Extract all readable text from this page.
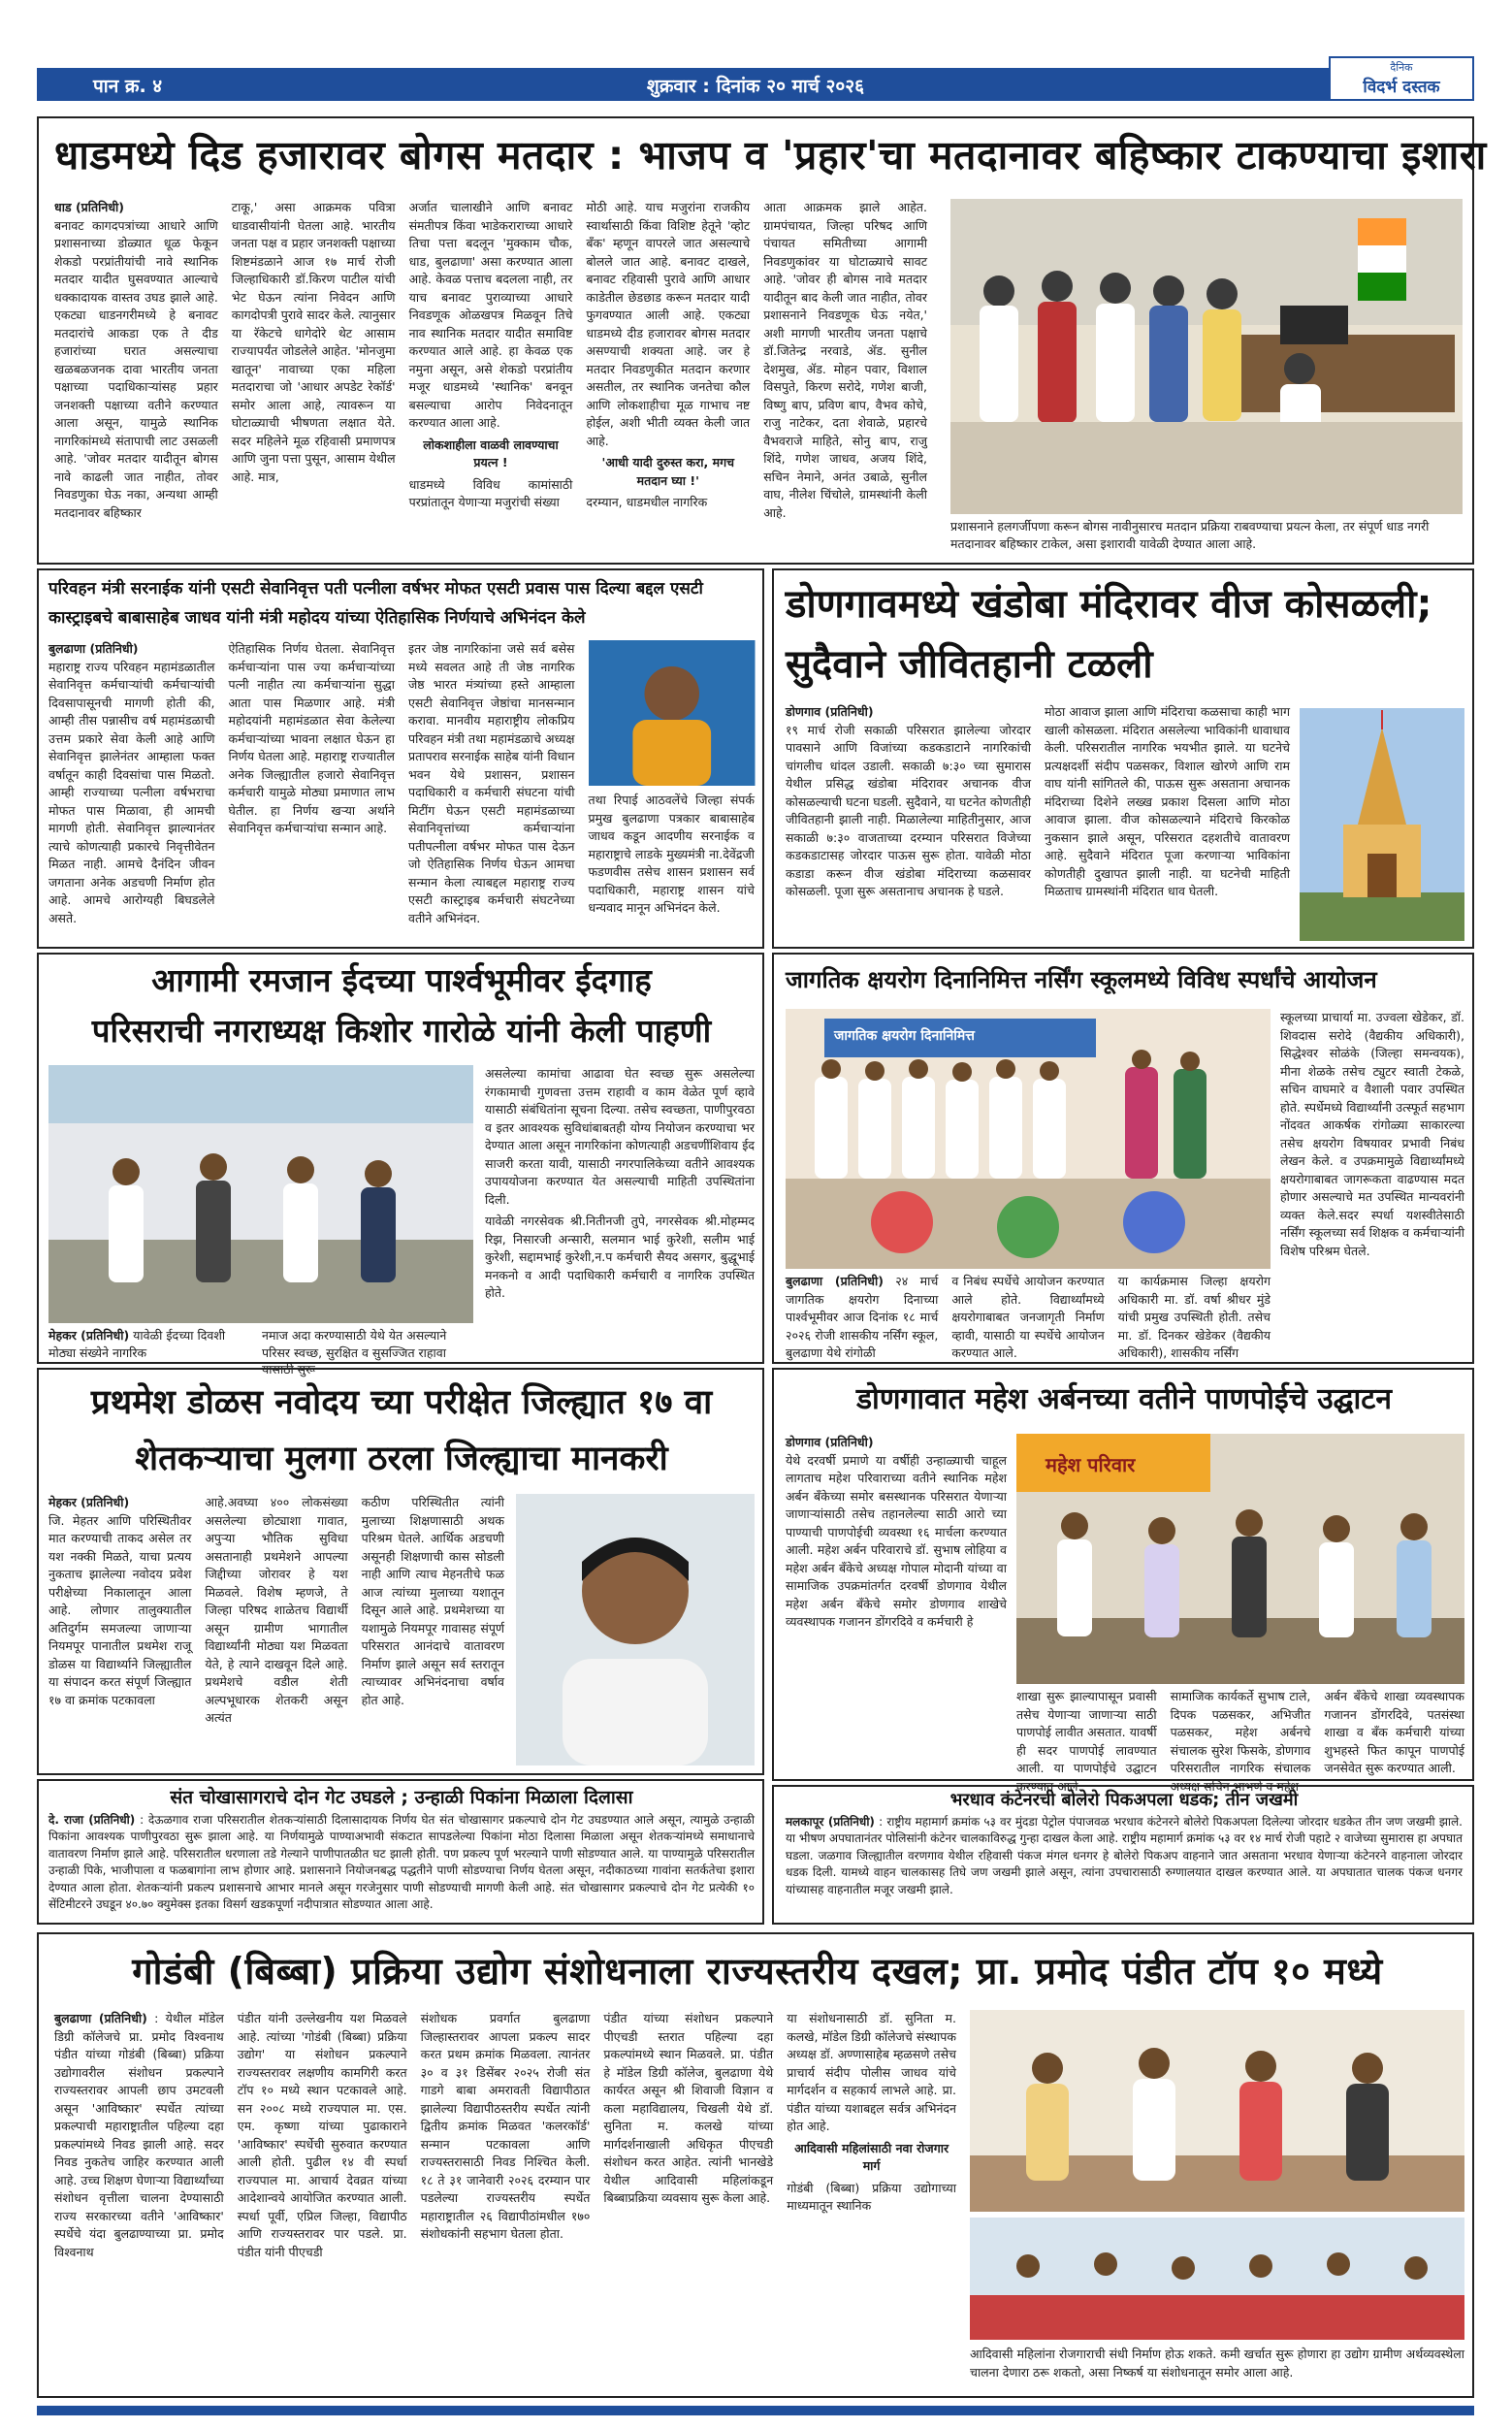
पान क्र. ४	शुक्रवार : दिनांक २० मार्च २०२६
दैनिक
विदर्भ दस्तक
धाडमध्ये दिड हजारावर बोगस मतदार : भाजप व 'प्रहार'चा मतदानावर बहिष्कार टाकण्याचा इशारा
धाड (प्रतिनिधी)

बनावट कागदपत्रांच्या आधारे आणि प्रशासनाच्या डोळ्यात धूळ फेकून शेकडो परप्रांतीयांची नावे स्थानिक मतदार यादीत घुसवण्यात आल्याचे धक्कादायक वास्तव उघड झाले आहे. एकट्या धाडनगरीमध्ये हे बनावट मतदारांचे आकडा एक ते दीड हजारांच्या घरात असल्याचा खळबळजनक दावा भारतीय जनता पक्षाच्या पदाधिकाऱ्यांसह प्रहार जनशक्ती पक्षाच्या वतीने करण्यात आला असून, यामुळे स्थानिक नागरिकांमध्ये संतापाची लाट उसळली आहे. 'जोवर मतदार यादीतून बोगस नावे काढली जात नाहीत, तोवर निवडणुका घेऊ नका, अन्यथा आम्ही मतदानावर बहिष्कार

टाकू,' असा आक्रमक पवित्रा धाडवासीयांनी घेतला आहे. भारतीय जनता पक्ष व प्रहार जनशक्ती पक्षाच्या शिष्टमंडळाने आज १७ मार्च रोजी जिल्हाधिकारी डॉ.किरण पाटील यांची भेट घेऊन त्यांना निवेदन आणि कागदोपत्री पुरावे सादर केले. त्यानुसार या रॅकेटचे धागेदोरे थेट आसाम राज्यापर्यंत जोडलेले आहेत. 'मोनजुमा खातून' नावाच्या एका महिला मतदाराचा जो 'आधार अपडेट रेकॉर्ड' समोर आला आहे, त्यावरून या घोटाळ्याची भीषणता लक्षात येते. सदर महिलेने मूळ रहिवासी प्रमाणपत्र आणि जुना पत्ता पुसून, आसाम येथील आहे. मात्र,

अर्जात चालाखीने आणि बनावट संमतीपत्र किंवा भाडेकराराच्या आधारे तिचा पत्ता बदलून 'मुक्काम चौक, धाड, बुलढाणा' असा करण्यात आला आहे. केवळ पत्ताच बदलला नाही, तर याच बनावट पुराव्याच्या आधारे निवडणूक ओळखपत्र मिळवून तिचे नाव स्थानिक मतदार यादीत समाविष्ट करण्यात आले आहे. हा केवळ एक नमुना असून, असे शेकडो परप्रांतीय मजूर धाडमध्ये 'स्थानिक' बनवून बसल्याचा आरोप निवेदनातून करण्यात आला आहे.

लोकशाहीला वाळवी लावण्याचा प्रयत्न !

धाडमध्ये विविध कामांसाठी परप्रांतातून येणाऱ्या मजुरांची संख्या

मोठी आहे. याच मजुरांना राजकीय स्वार्थासाठी किंवा विशिष्ट हेतूने 'व्होट बँक' म्हणून वापरले जात असल्याचे बोलले जात आहे. बनावट दाखले, बनावट रहिवासी पुरावे आणि आधार काडेतील छेडछाड करून मतदार यादी फुगवण्यात आली आहे. एकट्या धाडमध्ये दीड हजारावर बोगस मतदार असण्याची शक्यता आहे. जर हे मतदार निवडणुकीत मतदान करणार असतील, तर स्थानिक जनतेचा कौल आणि लोकशाहीचा मूळ गाभाच नष्ट होईल, अशी भीती व्यक्त केली जात आहे.

'आधी यादी दुरुस्त करा, मगच मतदान घ्या !'

दरम्यान, धाडमधील नागरिक

आता आक्रमक झाले आहेत. ग्रामपंचायत, जिल्हा परिषद आणि पंचायत समितीच्या आगामी निवडणुकांवर या घोटाळ्याचे सावट आहे. 'जोवर ही बोगस नावे मतदार यादीतून बाद केली जात नाहीत, तोवर प्रशासनाने निवडणूक घेऊ नयेत,' अशी मागणी भारतीय जनता पक्षाचे डॉ.जितेन्द्र नरवाडे, ॲड. सुनील देशमुख, ॲड. मोहन पवार, विशाल विसपुते, किरण सरोदे, गणेश बाजी, विष्णु बाप, प्रविण बाप, वैभव कोचे, राजु नाटेकर, दता शेवाळे, प्रहारचे वैभवराजे माहिते, सोनु बाप, राजु शिंदे, गणेश जाधव, अजय शिंदे, सचिन नेमाने, अनंत उबाळे, सुनील वाघ, नीलेश चिंचोले, ग्रामस्थांनी केली आहे.

प्रशासनाने हलगर्जीपणा करून बोगस नावीनुसारच मतदान प्रक्रिया राबवण्याचा प्रयत्न केला, तर संपूर्ण धाड नगरी मतदानावर बहिष्कार टाकेल, असा इशारावी यावेळी देण्यात आला आहे.
परिवहन मंत्री सरनाईक यांनी एसटी सेवानिवृत्त पती पत्नीला वर्षभर मोफत एसटी प्रवास पास दिल्या बद्दल एसटी कास्ट्राइबचे बाबासाहेब जाधव यांनी मंत्री महोदय यांच्या ऐतिहासिक निर्णयाचे अभिनंदन केले
बुलढाणा (प्रतिनिधी)

महाराष्ट्र राज्य परिवहन महामंडळातील सेवानिवृत्त कर्मचाऱ्यांची कर्मचाऱ्यांची दिवसापासूनची मागणी होती की, आम्ही तीस पन्नासीच वर्ष महामंडळाची उत्तम प्रकारे सेवा केली आहे आणि सेवानिवृत्त झालेनंतर आम्हाला फक्त वर्षातून काही दिवसांचा पास मिळतो. आम्ही राज्याच्या पत्नीला वर्षभराचा मोफत पास मिळावा, ही आमची मागणी होती. सेवानिवृत्त झाल्यानंतर त्याचे कोणत्याही प्रकारचे निवृत्तीवेतन मिळत नाही. आमचे दैनंदिन जीवन जगताना अनेक अडचणी निर्माण होत आहे. आमचे आरोग्यही बिघडलेले असते.

ऐतिहासिक निर्णय घेतला. सेवानिवृत्त कर्मचाऱ्यांना पास ज्या कर्मचाऱ्यांच्या पत्नी नाहीत त्या कर्मचाऱ्यांना सुद्धा आता पास मिळणार आहे. मंत्री महोदयांनी महामंडळात सेवा केलेल्या कर्मचाऱ्यांच्या भावना लक्षात घेऊन हा निर्णय घेतला आहे. महाराष्ट्र राज्यातील अनेक जिल्ह्यातील हजारो सेवानिवृत्त कर्मचारी यामुळे मोठ्या प्रमाणात लाभ घेतील. हा निर्णय खऱ्या अर्थाने सेवानिवृत्त कर्मचाऱ्यांचा सन्मान आहे.

इतर जेष्ठ नागरिकांना जसे सर्व बसेस मध्ये सवलत आहे ती जेष्ठ नागरिक जेष्ठ भारत मंत्र्यांच्या हस्ते आम्हाला एसटी सेवानिवृत्त जेष्ठांचा मानसन्मान करावा. मानवीय महाराष्ट्रीय लोकप्रिय परिवहन मंत्री तथा महामंडळाचे अध्यक्ष प्रतापराव सरनाईक साहेब यांनी विधान भवन येथे प्रशासन, प्रशासन पदाधिकारी व कर्मचारी संघटना यांची मिटींग घेऊन एसटी महामंडळाच्या सेवानिवृत्तांच्या कर्मचाऱ्यांना पतीपत्नीला वर्षभर मोफत पास देऊन जो ऐतिहासिक निर्णय घेऊन आमचा सन्मान केला त्याबद्दल महाराष्ट्र राज्य एसटी कास्ट्राइब कर्मचारी संघटनेच्या वतीने अभिनंदन.

तथा रिपाई आठवलेंचे जिल्हा संपर्क प्रमुख बुलढाणा पत्रकार बाबासाहेब जाधव कडून आदणीय सरनाईक व महाराष्ट्राचे लाडके मुख्यमंत्री ना.देवेंद्रजी फडणवीस तसेच शासन प्रशासन सर्व पदाधिकारी, महाराष्ट्र शासन यांचे धन्यवाद मानून अभिनंदन केले.

डोणगावमध्ये खंडोबा मंदिरावर वीज कोसळली; सुदैवाने जीवितहानी टळली
डोणगाव (प्रतिनिधी)

१९ मार्च रोजी सकाळी परिसरात झालेल्या जोरदार पावसाने आणि विजांच्या कडकडाटाने नागरिकांची चांगलीच धांदल उडाली. सकाळी ७:३० च्या सुमारास येथील प्रसिद्ध खंडोबा मंदिरावर अचानक वीज कोसळल्याची घटना घडली. सुदैवाने, या घटनेत कोणतीही जीवितहानी झाली नाही. मिळालेल्या माहितीनुसार, आज सकाळी ७:३० वाजताच्या दरम्यान परिसरात विजेच्या कडकडाटासह जोरदार पाऊस सुरू होता. यावेळी मोठा कडाडा करून वीज खंडोबा मंदिराच्या कळसावर कोसळली. पूजा सुरू असतानाच अचानक हे घडले.

मोठा आवाज झाला आणि मंदिराचा कळसाचा काही भाग खाली कोसळला. मंदिरात असलेल्या भाविकांनी धावाधाव केली. परिसरातील नागरिक भयभीत झाले. या घटनेचे प्रत्यक्षदर्शी संदीप पळसकर, विशाल खोरणे आणि राम वाघ यांनी सांगितले की, पाऊस सुरू असताना अचानक मंदिराच्या दिशेने लख्ख प्रकाश दिसला आणि मोठा आवाज झाला. वीज कोसळल्याने मंदिराचे किरकोळ नुकसान झाले असून, परिसरात दहशतीचे वातावरण आहे. सुदैवाने मंदिरात पूजा करणाऱ्या भाविकांना कोणतीही दुखापत झाली नाही. या घटनेची माहिती मिळताच ग्रामस्थांनी मंदिरात धाव घेतली.

आगामी रमजान ईदच्या पार्श्वभूमीवर ईदगाह
परिसराची नगराध्यक्ष किशोर गारोळे यांनी केली पाहणी
मेहकर (प्रतिनिधी) यावेळी ईदच्या दिवशी मोठ्या संख्येने नागरिक
नमाज अदा करण्यासाठी येथे येत असल्याने परिसर स्वच्छ, सुरक्षित व सुसज्जित राहावा यासाठी सुरू

असलेल्या कामांचा आढावा घेत स्वच्छ सुरू असलेल्या रंगकामाची गुणवत्ता उत्तम राहावी व काम वेळेत पूर्ण व्हावे यासाठी संबंधितांना सूचना दिल्या. तसेच स्वच्छता, पाणीपुरवठा व इतर आवश्यक सुविधांबाबतही योग्य नियोजन करण्याचा भर देण्यात आला असून नागरिकांना कोणत्याही अडचणींशिवाय ईद साजरी करता यावी, यासाठी नगरपालिकेच्या वतीने आवश्यक उपाययोजना करण्यात येत असल्याची माहिती उपस्थितांना दिली.

यावेळी नगरसेवक श्री.नितीनजी तुपे, नगरसेवक श्री.मोहम्मद रिझ, निसारजी अन्सारी, सलमान भाई कुरेशी, सलीम भाई कुरेशी, सद्दामभाई कुरेशी,न.प कर्मचारी सैयद असगर, बुद्धूभाई मनकनो व आदी पदाधिकारी कर्मचारी व नागरिक उपस्थित होते.

जागतिक क्षयरोग दिनानिमित्त नर्सिंग स्कूलमध्ये विविध स्पर्धांचे आयोजन
जागतिक क्षयरोग दिनानिमित्त
बुलढाणा (प्रतिनिधी) २४ मार्च जागतिक क्षयरोग दिनाच्या पार्श्वभूमीवर आज दिनांक १८ मार्च २०२६ रोजी शासकीय नर्सिंग स्कूल, बुलढाणा येथे रांगोळी

व निबंध स्पर्धेचे आयोजन करण्यात आले होते. विद्यार्थ्यांमध्ये क्षयरोगाबाबत जनजागृती निर्माण व्हावी, यासाठी या स्पर्धेचे आयोजन करण्यात आले.

या कार्यक्रमास जिल्हा क्षयरोग अधिकारी मा. डॉ. वर्षा श्रीधर मुंडे यांची प्रमुख उपस्थिती होती. तसेच मा. डॉ. दिनकर खेडेकर (वैद्यकीय अधिकारी), शासकीय नर्सिंग

स्कूलच्या प्राचार्या मा. उज्वला खेडेकर, डॉ. शिवदास सरोदे (वैद्यकीय अधिकारी), सिद्धेश्वर सोळंके (जिल्हा समन्वयक), मीना शेळके तसेच ट्युटर स्वाती टेकळे, सचिन वाघमारे व वैशाली पवार उपस्थित होते. स्पर्धेमध्ये विद्यार्थ्यांनी उत्स्फूर्त सहभाग नोंदवत आकर्षक रांगोळ्या साकारल्या तसेच क्षयरोग विषयावर प्रभावी निबंध लेखन केले. व उपक्रमामुळे विद्यार्थ्यांमध्ये क्षयरोगाबाबत जागरूकता वाढण्यास मदत होणार असल्याचे मत उपस्थित मान्यवरांनी व्यक्त केले.सदर स्पर्धा यशस्वीतेसाठी नर्सिंग स्कूलच्या सर्व शिक्षक व कर्मचाऱ्यांनी विशेष परिश्रम घेतले.

प्रथमेश डोळस नवोदय च्या परीक्षेत जिल्ह्यात १७ वा
शेतकऱ्याचा मुलगा ठरला जिल्ह्याचा मानकरी
मेहकर (प्रतिनिधी)

जि. मेहतर आणि परिस्थितीवर मात करण्याची ताकद असेल तर यश नक्की मिळते, याचा प्रत्यय नुकताच झालेल्या नवोदय प्रवेश परीक्षेच्या निकालातून आला आहे. लोणार तालुक्यातील अतिदुर्गम समजल्या जाणाऱ्या नियमपूर पानातील प्रथमेश राजू डोळस या विद्यार्थ्याने जिल्ह्यातील या संपादन करत संपूर्ण जिल्ह्यात १७ वा क्रमांक पटकावला

आहे.अवघ्या ४०० लोकसंख्या असलेल्या छोट्याशा गावात, अपुऱ्या भौतिक सुविधा असतानाही प्रथमेशने आपल्या जिद्दीच्या जोरावर हे यश मिळवले. विशेष म्हणजे, ते जिल्हा परिषद शाळेतच विद्यार्थी असून ग्रामीण भागातील विद्यार्थ्यांनी मोठ्या यश मिळवता येते, हे त्याने दाखवून दिले आहे. प्रथमेशचे वडील शेती अल्पभूधारक शेतकरी असून अत्यंत

कठीण परिस्थितीत त्यांनी मुलाच्या शिक्षणासाठी अथक परिश्रम घेतले. आर्थिक अडचणी असूनही शिक्षणाची कास सोडली नाही आणि त्याच मेहनतीचे फळ आज त्यांच्या मुलाच्या यशातून दिसून आले आहे. प्रथमेशच्या या यशामुळे नियमपूर गावासह संपूर्ण परिसरात आनंदाचे वातावरण निर्माण झाले असून सर्व स्तरातून त्याच्यावर अभिनंदनाचा वर्षाव होत आहे.

संत चोखासागराचे दोन गेट उघडले ; उन्हाळी पिकांना मिळाला दिलासा
दे. राजा (प्रतिनिधी) : देऊळगाव राजा परिसरातील शेतकऱ्यांसाठी दिलासादायक निर्णय घेत संत चोखासागर प्रकल्पाचे दोन गेट उघडण्यात आले असून, त्यामुळे उन्हाळी पिकांना आवश्यक पाणीपुरवठा सुरू झाला आहे. या निर्णयामुळे पाण्याअभावी संकटात सापडलेल्या पिकांना मोठा दिलासा मिळाला असून शेतकऱ्यांमध्ये समाधानाचे वातावरण निर्माण झाले आहे. परिसरातील धरणाला तडे गेल्याने पाणीपातळीत घट झाली होती. पण प्रकल्प पूर्ण भरल्याने पाणी सोडण्यात आले. या पाण्यामुळे परिसरातील उन्हाळी पिके, भाजीपाला व फळबागांना लाभ होणार आहे. प्रशासनाने नियोजनबद्ध पद्धतीने पाणी सोडण्याचा निर्णय घेतला असून, नदीकाठच्या गावांना सतर्कतेचा इशारा देण्यात आला होता. शेतकऱ्यांनी प्रकल्प प्रशासनाचे आभार मानले असून गरजेनुसार पाणी सोडण्याची मागणी केली आहे. संत चोखासागर प्रकल्पाचे दोन गेट प्रत्येकी १० सेंटिमीटरने उघडून ४०.७० क्युमेक्स इतका विसर्ग खडकपूर्णा नदीपात्रात सोडण्यात आला आहे.
डोणगावात महेश अर्बनच्या वतीने पाणपोईचे उद्घाटन
डोणगाव (प्रतिनिधी)

येथे दरवर्षी प्रमाणे या वर्षीही उन्हाळ्याची चाहूल लागताच महेश परिवाराच्या वतीने स्थानिक महेश अर्बन बँकेच्या समोर बसस्थानक परिसरात येणाऱ्या जाणाऱ्यांसाठी तसेच तहानलेल्या साठी आरो च्या पाण्याची पाणपोईची व्यवस्था १६ मार्चला करण्यात आली. महेश अर्बन परिवाराचे डॉ. सुभाष लोहिया व महेश अर्बन बँकेचे अध्यक्ष गोपाल मोदानी यांच्या वा सामाजिक उपक्रमांतर्गत दरवर्षी डोणगाव येथील महेश अर्बन बँकेचे समोर डोणगाव शाखेचे व्यवस्थापक गजानन डोंगरदिवे व कर्मचारी हे

महेश परिवार

शाखा सुरू झाल्यापासून प्रवासी तसेच येणाऱ्या जाणाऱ्या साठी पाणपोई लावीत असतात. यावर्षी ही सदर पाणपोई लावण्यात आली. या पाणपोईचे उद्घाटन करण्यात आले.

सामाजिक कार्यकर्ते सुभाष टाले, दिपक पळसकर, अभिजीत पळसकर, महेश अर्बनचे संचालक सुरेश फिसके, डोणगाव परिसरातील नागरिक संचालक अध्यक्ष सचिन भाभणे व महेश

अर्बन बँकेचे शाखा व्यवस्थापक गजानन डोंगरदिवे, पतसंस्था शाखा व बँक कर्मचारी यांच्या शुभहस्ते फित कापून पाणपोई जनसेवेत सुरू करण्यात आली.

भरधाव कंटेनरची बोलेरो पिकअपला धडक; तीन जखमी
मलकापूर (प्रतिनिधी) : राष्ट्रीय महामार्ग क्रमांक ५३ वर मुंदडा पेट्रोल पंपाजवळ भरधाव कंटेनरने बोलेरो पिकअपला दिलेल्या जोरदार धडकेत तीन जण जखमी झाले. या भीषण अपघातानंतर पोलिसांनी कंटेनर चालकाविरुद्ध गुन्हा दाखल केला आहे. राष्ट्रीय महामार्ग क्रमांक ५३ वर १४ मार्च रोजी पहाटे २ वाजेच्या सुमारास हा अपघात घडला. जळगाव जिल्ह्यातील वरणगाव येथील रहिवासी पंकज मंगल धनगर हे बोलेरो पिकअप वाहनाने जात असताना भरधाव येणाऱ्या कंटेनरने वाहनाला जोरदार धडक दिली. यामध्ये वाहन चालकासह तिघे जण जखमी झाले असून, त्यांना उपचारासाठी रुग्णालयात दाखल करण्यात आले. या अपघातात चालक पंकज धनगर यांच्यासह वाहनातील मजूर जखमी झाले.
गोडंबी (बिब्बा) प्रक्रिया उद्योग संशोधनाला राज्यस्तरीय दखल; प्रा. प्रमोद पंडीत टॉप १० मध्ये
बुलढाणा (प्रतिनिधी) : येथील मॉडेल डिग्री कॉलेजचे प्रा. प्रमोद विश्वनाथ पंडीत यांच्या गोडंबी (बिब्बा) प्रक्रिया उद्योगावरील संशोधन प्रकल्पाने राज्यस्तरावर आपली छाप उमटवली असून 'आविष्कार' स्पर्धेत त्यांच्या प्रकल्पाची महाराष्ट्रातील पहिल्या दहा प्रकल्पांमध्ये निवड झाली आहे. सदर निवड नुकतेच जाहिर करण्यात आली आहे. उच्च शिक्षण घेणाऱ्या विद्यार्थ्यांच्या संशोधन वृत्तीला चालना देण्यासाठी राज्य सरकारच्या वतीने 'आविष्कार' स्पर्धेचे यंदा बुलढाण्याच्या प्रा. प्रमोद विश्वनाथ

पंडीत यांनी उल्लेखनीय यश मिळवले आहे. त्यांच्या 'गोडंबी (बिब्बा) प्रक्रिया उद्योग' या संशोधन प्रकल्पाने राज्यस्तरावर लक्षणीय कामगिरी करत टॉप १० मध्ये स्थान पटकावले आहे. सन २००८ मध्ये राज्यपाल मा. एस. एम. कृष्णा यांच्या पुढाकाराने 'आविष्कार' स्पर्धेची सुरुवात करण्यात आली होती. पुढील १४ वी स्पर्धा राज्यपाल मा. आचार्य देवव्रत यांच्या आदेशान्वये आयोजित करण्यात आली. स्पर्धा पूर्वी, एप्रिल जिल्हा, विद्यापीठ आणि राज्यस्तरावर पार पडले. प्रा. पंडीत यांनी पीएचडी

संशोधक प्रवर्गात बुलढाणा जिल्हास्तरावर आपला प्रकल्प सादर करत प्रथम क्रमांक मिळवला. त्यानंतर ३० व ३१ डिसेंबर २०२५ रोजी संत गाडगे बाबा अमरावती विद्यापीठात झालेल्या विद्यापीठस्तरीय स्पर्धेत त्यांनी द्वितीय क्रमांक मिळवत 'कलरकॉर्ड' सन्मान पटकावला आणि राज्यस्तरासाठी निवड निश्चित केली. १८ ते ३१ जानेवारी २०२६ दरम्यान पार पडलेल्या राज्यस्तरीय स्पर्धेत महाराष्ट्रातील २६ विद्यापीठांमधील १७० संशोधकांनी सहभाग घेतला होता.

पंडीत यांच्या संशोधन प्रकल्पाने पीएचडी स्तरात पहिल्या दहा प्रकल्पांमध्ये स्थान मिळवले. प्रा. पंडीत हे मॉडेल डिग्री कॉलेज, बुलढाणा येथे कार्यरत असून श्री शिवाजी विज्ञान व कला महाविद्यालय, चिखली येथे डॉ. सुनिता म. कलखे यांच्या मार्गदर्शनाखाली अधिकृत पीएचडी संशोधन करत आहेत. त्यांनी भानखेडे येथील आदिवासी महिलांकडून बिब्बाप्रक्रिया व्यवसाय सुरू केला आहे.

या संशोधनासाठी डॉ. सुनिता म. कलखे, मॉडेल डिग्री कॉलेजचे संस्थापक अध्यक्ष डॉ. अण्णासाहेब म्हळसणे तसेच प्राचार्य संदीप पोलीस जाधव यांचे मार्गदर्शन व सहकार्य लाभले आहे. प्रा. पंडीत यांच्या यशाबद्दल सर्वत्र अभिनंदन होत आहे.

आदिवासी महिलांसाठी नवा रोजगार मार्ग

गोडंबी (बिब्बा) प्रक्रिया उद्योगाच्या माध्यमातून स्थानिक

आदिवासी महिलांना रोजगाराची संधी निर्माण होऊ शकते. कमी खर्चात सुरू होणारा हा उद्योग ग्रामीण अर्थव्यवस्थेला चालना देणारा ठरू शकतो, असा निष्कर्ष या संशोधनातून समोर आला आहे.
